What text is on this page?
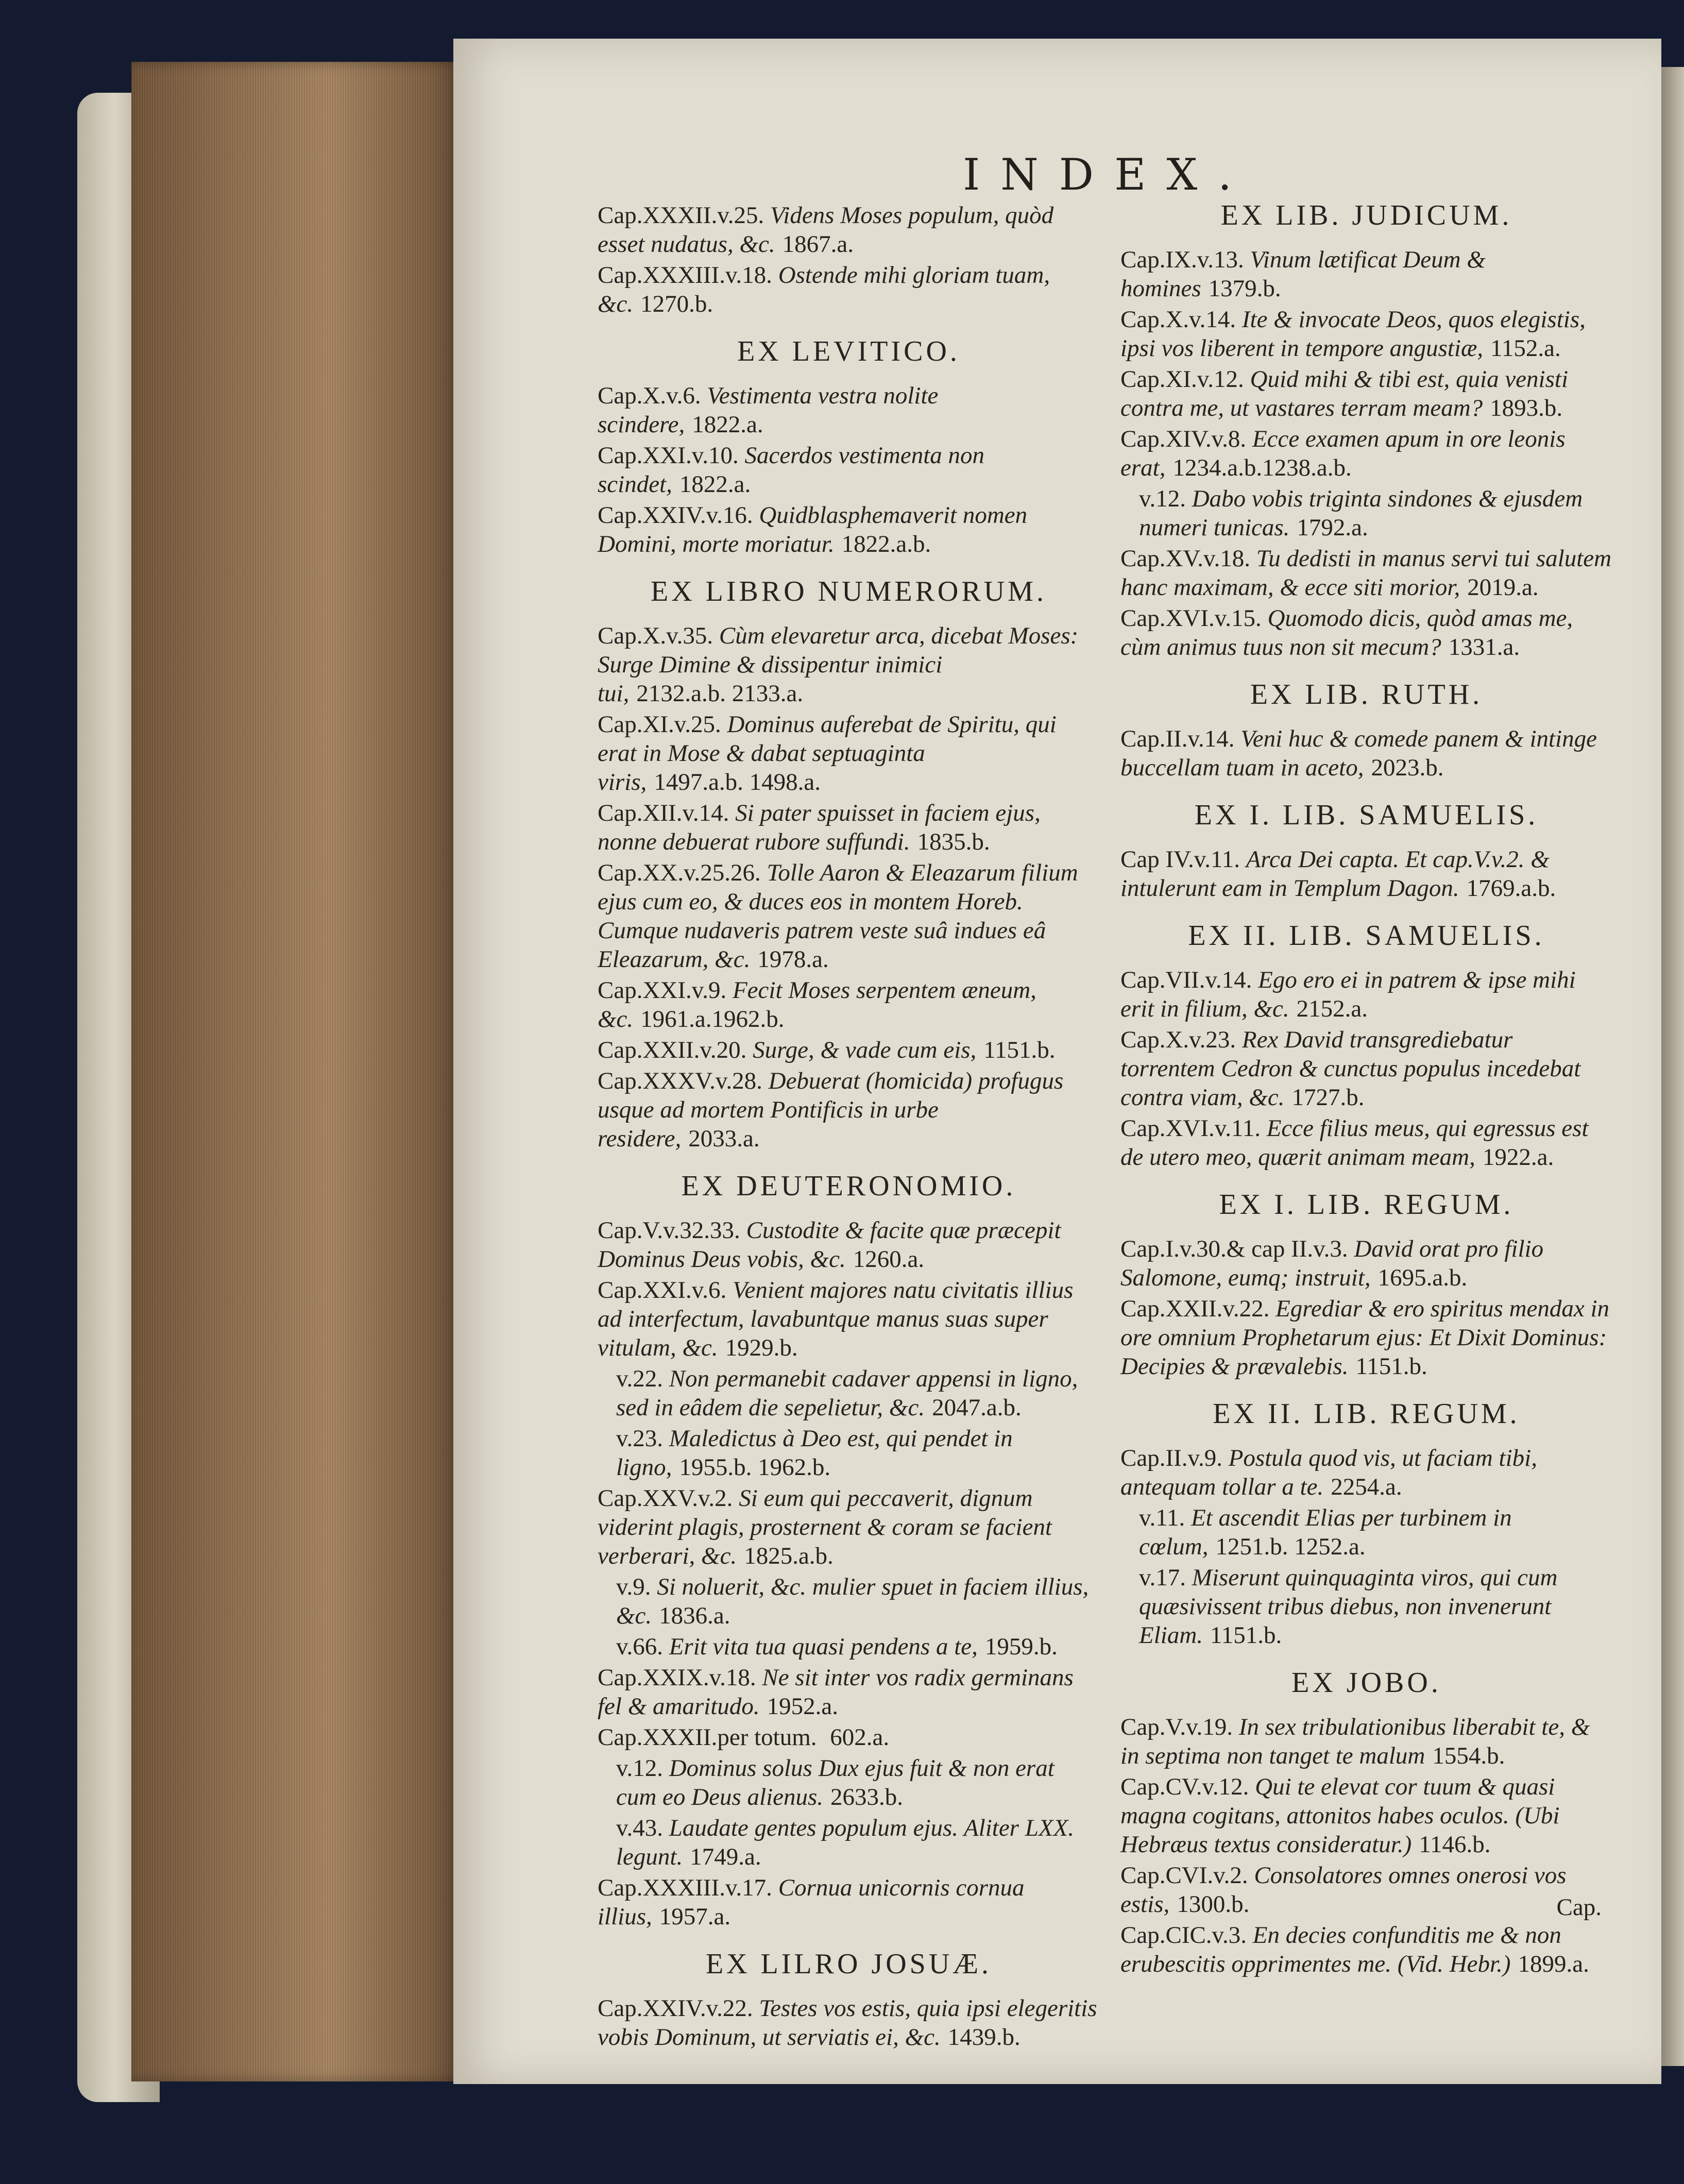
INDEX.

Cap.XXXII.v.25. Videns Moses populum, quòd esset nudatus, &c. 1867.a.

Cap.XXXIII.v.18. Ostende mihi gloriam tuam, &c. 1270.b.

EX LEVITICO.

Cap.X.v.6. Vestimenta vestra nolite scindere, 1822.a.

Cap.XXI.v.10. Sacerdos vestimenta non scindet, 1822.a.

Cap.XXIV.v.16. Quidblasphemaverit nomen Domini, morte moriatur. 1822.a.b.

EX LIBRO NUMERORUM.

Cap.X.v.35. Cùm elevaretur arca, dicebat Moses: Surge Dimine & dissipentur inimici tui, 2132.a.b. 2133.a.

Cap.XI.v.25. Dominus auferebat de Spiritu, qui erat in Mose & dabat septuaginta viris, 1497.a.b. 1498.a.

Cap.XII.v.14. Si pater spuisset in faciem ejus, nonne debuerat rubore suffundi. 1835.b.

Cap.XX.v.25.26. Tolle Aaron & Eleazarum filium ejus cum eo, & duces eos in montem Horeb. Cumque nudaveris patrem veste suâ indues eâ Eleazarum, &c. 1978.a.

Cap.XXI.v.9. Fecit Moses serpentem æneum, &c. 1961.a.1962.b.

Cap.XXII.v.20. Surge, & vade cum eis, 1151.b.

Cap.XXXV.v.28. Debuerat (homicida) profugus usque ad mortem Pontificis in urbe residere, 2033.a.

EX DEUTERONOMIO.

Cap.V.v.32.33. Custodite & facite quæ præcepit Dominus Deus vobis, &c. 1260.a.

Cap.XXI.v.6. Venient majores natu civitatis illius ad interfectum, lavabuntque manus suas super vitulam, &c. 1929.b.

v.22. Non permanebit cadaver appensi in ligno, sed in eâdem die sepelietur, &c. 2047.a.b.

v.23. Maledictus à Deo est, qui pendet in ligno, 1955.b. 1962.b.

Cap.XXV.v.2. Si eum qui peccaverit, dignum viderint plagis, prosternent & coram se facient verberari, &c. 1825.a.b.

v.9. Si noluerit, &c. mulier spuet in faciem illius, &c. 1836.a.

v.66. Erit vita tua quasi pendens a te, 1959.b.

Cap.XXIX.v.18. Ne sit inter vos radix germinans fel & amaritudo. 1952.a.

Cap.XXXII.per totum. 602.a.

v.12. Dominus solus Dux ejus fuit & non erat cum eo Deus alienus. 2633.b.

v.43. Laudate gentes populum ejus. Aliter LXX. legunt. 1749.a.

Cap.XXXIII.v.17. Cornua unicornis cornua illius, 1957.a.

EX LILRO JOSUÆ.

Cap.XXIV.v.22. Testes vos estis, quia ipsi elegeritis vobis Dominum, ut serviatis ei, &c. 1439.b.

EX LIB. JUDICUM.

Cap.IX.v.13. Vinum lætificat Deum & homines 1379.b.

Cap.X.v.14. Ite & invocate Deos, quos elegistis, ipsi vos liberent in tempore angustiæ, 1152.a.

Cap.XI.v.12. Quid mihi & tibi est, quia venisti contra me, ut vastares terram meam? 1893.b.

Cap.XIV.v.8. Ecce examen apum in ore leonis erat, 1234.a.b.1238.a.b.

v.12. Dabo vobis triginta sindones & ejusdem numeri tunicas. 1792.a.

Cap.XV.v.18. Tu dedisti in manus servi tui salutem hanc maximam, & ecce siti morior, 2019.a.

Cap.XVI.v.15. Quomodo dicis, quòd amas me, cùm animus tuus non sit mecum? 1331.a.

EX LIB. RUTH.

Cap.II.v.14. Veni huc & comede panem & intinge buccellam tuam in aceto, 2023.b.

EX I. LIB. SAMUELIS.

Cap IV.v.11. Arca Dei capta. Et cap.V.v.2. & intulerunt eam in Templum Dagon. 1769.a.b.

EX II. LIB. SAMUELIS.

Cap.VII.v.14. Ego ero ei in patrem & ipse mihi erit in filium, &c. 2152.a.

Cap.X.v.23. Rex David transgrediebatur torrentem Cedron & cunctus populus incedebat contra viam, &c. 1727.b.

Cap.XVI.v.11. Ecce filius meus, qui egressus est de utero meo, quærit animam meam, 1922.a.

EX I. LIB. REGUM.

Cap.I.v.30.& cap II.v.3. David orat pro filio Salomone, eumq; instruit, 1695.a.b.

Cap.XXII.v.22. Egrediar & ero spiritus mendax in ore omnium Prophetarum ejus: Et Dixit Dominus: Decipies & prævalebis. 1151.b.

EX II. LIB. REGUM.

Cap.II.v.9. Postula quod vis, ut faciam tibi, antequam tollar a te. 2254.a.

v.11. Et ascendit Elias per turbinem in cœlum, 1251.b. 1252.a.

v.17. Miserunt quinquaginta viros, qui cum quæsivissent tribus diebus, non invenerunt Eliam. 1151.b.

EX JOBO.

Cap.V.v.19. In sex tribulationibus liberabit te, & in septima non tanget te malum 1554.b.

Cap.CV.v.12. Qui te elevat cor tuum & quasi magna cogitans, attonitos habes oculos. (Ubi Hebræus textus consideratur.) 1146.b.

Cap.CVI.v.2. Consolatores omnes onerosi vos estis, 1300.b.

Cap.CIC.v.3. En decies confunditis me & non erubescitis opprimentes me. (Vid. Hebr.) 1899.a.

Cap.
